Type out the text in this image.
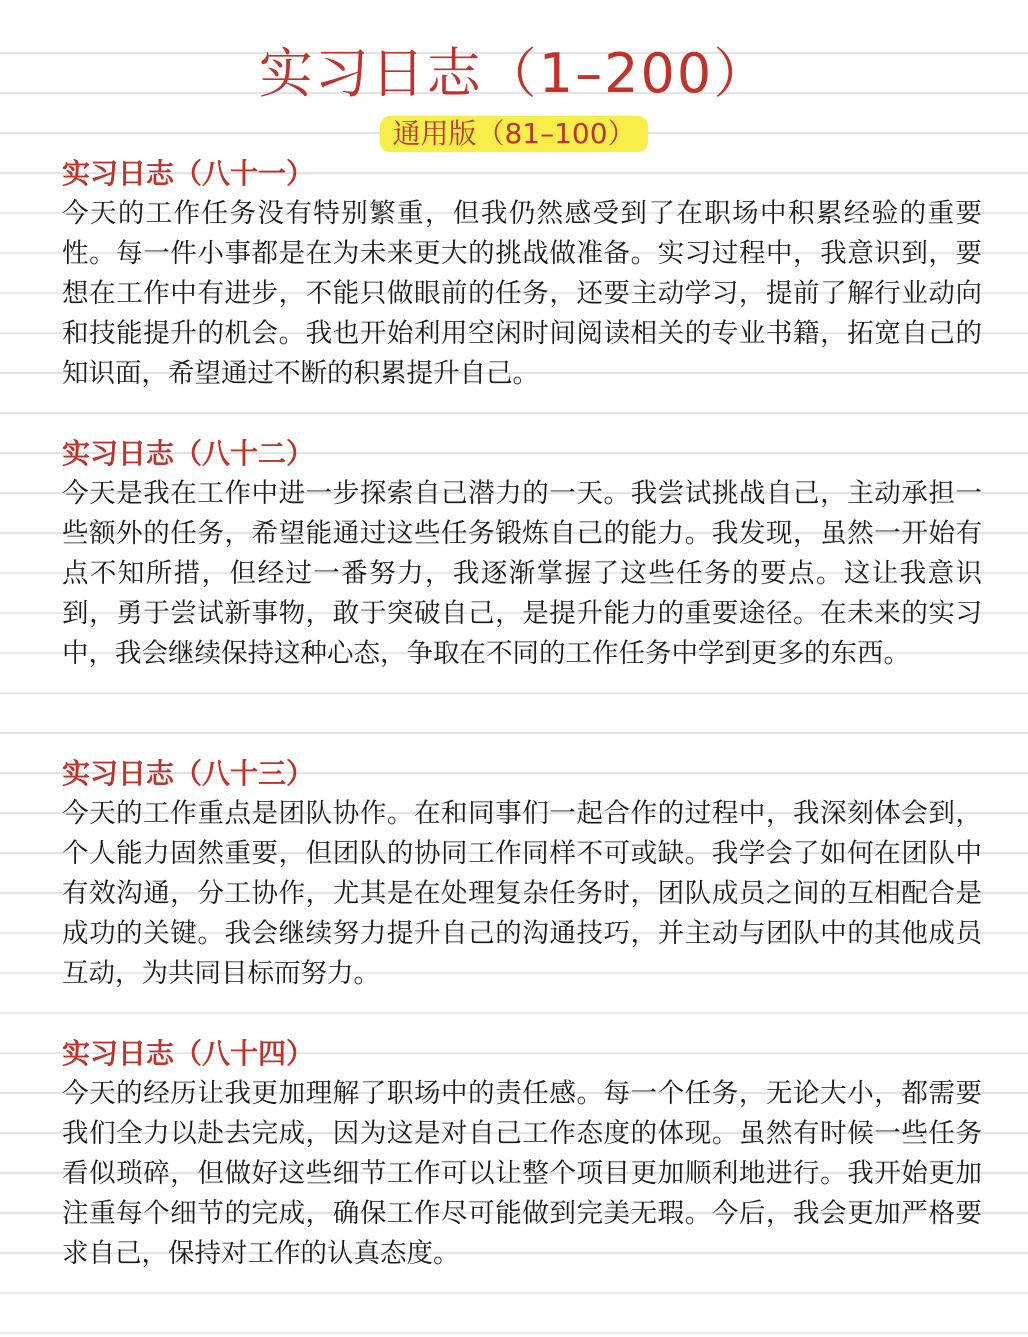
实习日志（1–200）
通用版（81–100）
实习日志（八十一）

今天的工作任务没有特别繁重，但我仍然感受到了在职场中积累经验的重要性。每一件小事都是在为未来更大的挑战做准备。实习过程中，我意识到，要想在工作中有进步，不能只做眼前的任务，还要主动学习，提前了解行业动向和技能提升的机会。我也开始利用空闲时间阅读相关的专业书籍，拓宽自己的知识面，希望通过不断的积累提升自己。

实习日志（八十二）

今天是我在工作中进一步探索自己潜力的一天。我尝试挑战自己，主动承担一些额外的任务，希望能通过这些任务锻炼自己的能力。我发现，虽然一开始有点不知所措，但经过一番努力，我逐渐掌握了这些任务的要点。这让我意识到，勇于尝试新事物，敢于突破自己，是提升能力的重要途径。在未来的实习中，我会继续保持这种心态，争取在不同的工作任务中学到更多的东西。

实习日志（八十三）

今天的工作重点是团队协作。在和同事们一起合作的过程中，我深刻体会到，个人能力固然重要，但团队的协同工作同样不可或缺。我学会了如何在团队中有效沟通，分工协作，尤其是在处理复杂任务时，团队成员之间的互相配合是成功的关键。我会继续努力提升自己的沟通技巧，并主动与团队中的其他成员互动，为共同目标而努力。

实习日志（八十四）

今天的经历让我更加理解了职场中的责任感。每一个任务，无论大小，都需要我们全力以赴去完成，因为这是对自己工作态度的体现。虽然有时候一些任务看似琐碎，但做好这些细节工作可以让整个项目更加顺利地进行。我开始更加注重每个细节的完成，确保工作尽可能做到完美无瑕。今后，我会更加严格要求自己，保持对工作的认真态度。
